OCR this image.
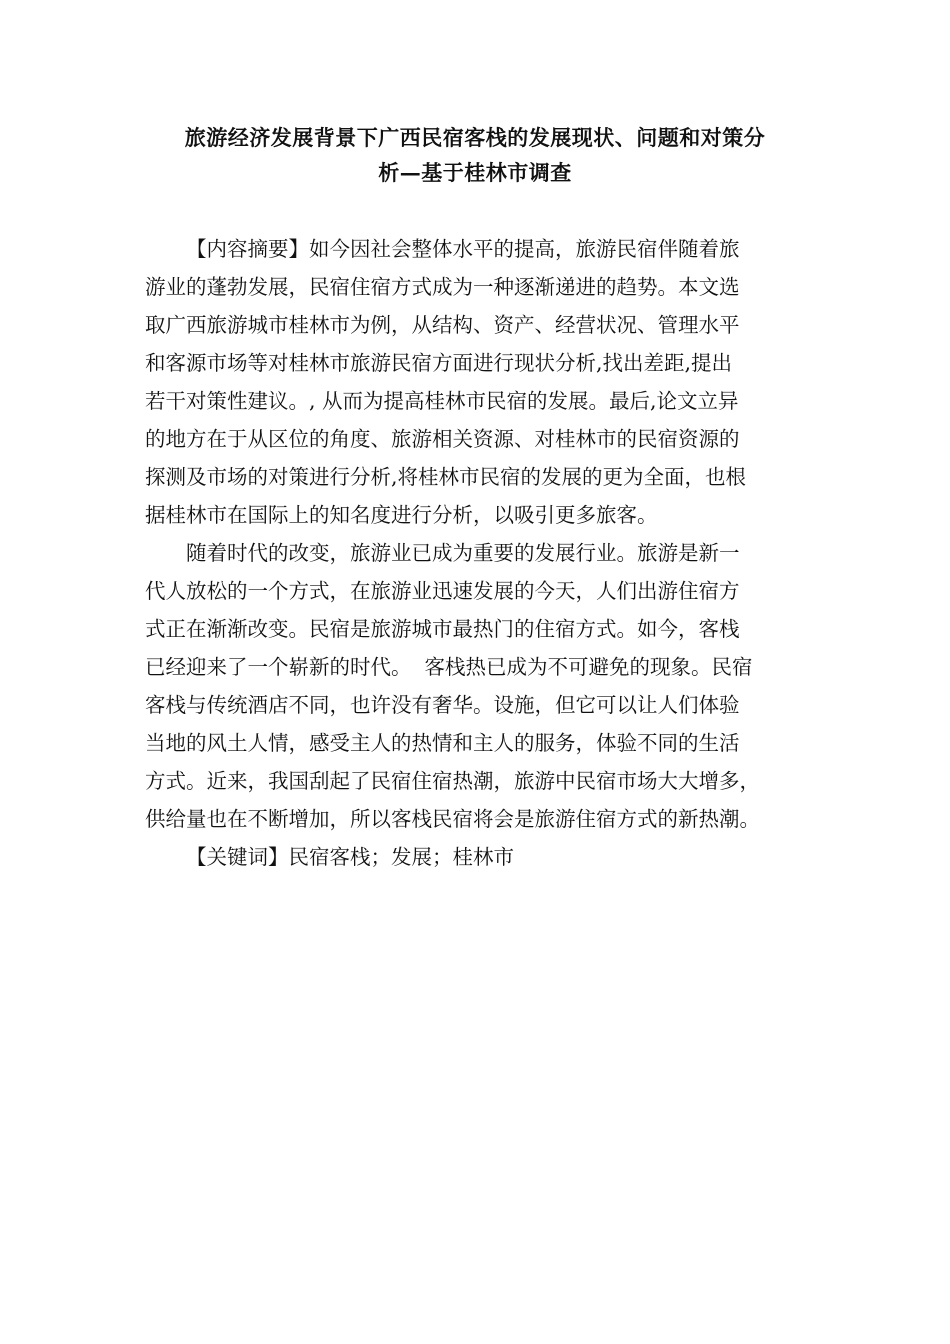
旅游经济发展背景下广西民宿客栈的发展现状、问题和对策分
析—基于桂林市调查
【内容摘要】如今因社会整体水平的提高，旅游民宿伴随着旅
游业的蓬勃发展，民宿住宿方式成为一种逐渐递进的趋势。本文选
取广西旅游城市桂林市为例，从结构、资产、经营状况、管理水平
和客源市场等对桂林市旅游民宿方面进行现状分析,找出差距,提出
若干对策性建议。, 从而为提高桂林市民宿的发展。最后,论文立异
的地方在于从区位的角度、旅游相关资源、对桂林市的民宿资源的
探测及市场的对策进行分析,将桂林市民宿的发展的更为全面，也根
据桂林市在国际上的知名度进行分析，以吸引更多旅客。
随着时代的改变，旅游业已成为重要的发展行业。旅游是新一
代人放松的一个方式，在旅游业迅速发展的今天，人们出游住宿方
式正在渐渐改变。民宿是旅游城市最热门的住宿方式。如今，客栈
已经迎来了一个崭新的时代。  客栈热已成为不可避免的现象。民宿
客栈与传统酒店不同，也许没有奢华。设施，但它可以让人们体验
当地的风土人情，感受主人的热情和主人的服务，体验不同的生活
方式。近来，我国刮起了民宿住宿热潮，旅游中民宿市场大大增多，
供给量也在不断增加，所以客栈民宿将会是旅游住宿方式的新热潮。
【关键词】民宿客栈；发展；桂林市
